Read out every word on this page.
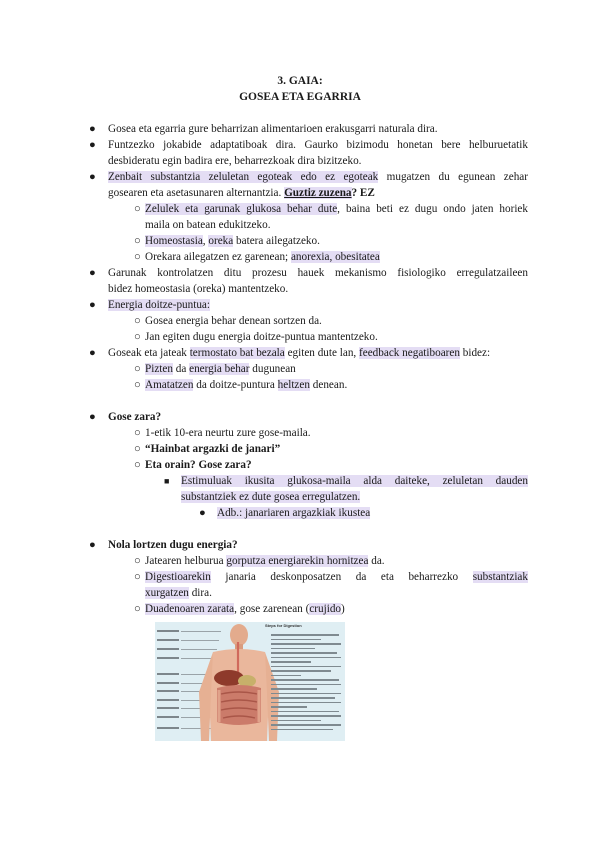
3. GAIA:
GOSEA ETA EGARRIA
● Gosea eta egarria gure beharrizan alimentarioen erakusgarri naturala dira.
● Funtzezko jokabide adaptatiboak dira. Gaurko bizimodu honetan bere helburuetatik
desbideratu egin badira ere, beharrezkoak dira bizitzeko.
● Zenbait substantzia zeluletan egoteak edo ez egoteak mugatzen du egunean zehar
gosearen eta asetasunaren alternantzia. Guztiz zuzena? EZ
○ Zelulek eta garunak glukosa behar dute, baina beti ez dugu ondo jaten horiek
maila on batean edukitzeko.
○ Homeostasia, oreka batera ailegatzeko.
○ Orekara ailegatzen ez garenean; anorexia, obesitatea
● Garunak kontrolatzen ditu prozesu hauek mekanismo fisiologiko erregulatzaileen
bidez homeostasia (oreka) mantentzeko.
● Energia doitze-puntua:
○ Gosea energia behar denean sortzen da.
○ Jan egiten dugu energia doitze-puntua mantentzeko.
● Goseak eta jateak termostato bat bezala egiten dute lan, feedback negatiboaren bidez:
○ Pizten da energia behar dugunean
○ Amatatzen da doitze-puntura heltzen denean.
● Gose zara?
○ 1-etik 10-era neurtu zure gose-maila.
○ “Hainbat argazki de janari”
○ Eta orain? Gose zara?
■ Estimuluak ikusita glukosa-maila alda daiteke, zeluletan dauden
substantziek ez dute gosea erregulatzen.
● Adb.: janariaren argazkiak ikustea
● Nola lortzen dugu energia?
○ Jatearen helburua gorputza energiarekin hornitzea da.
○ Digestioarekin janaria deskonposatzen da eta beharrezko substantziak
xurgatzen dira.
○ Duadenoaren zarata, gose zarenean (crujido)
Steps for Digestion
